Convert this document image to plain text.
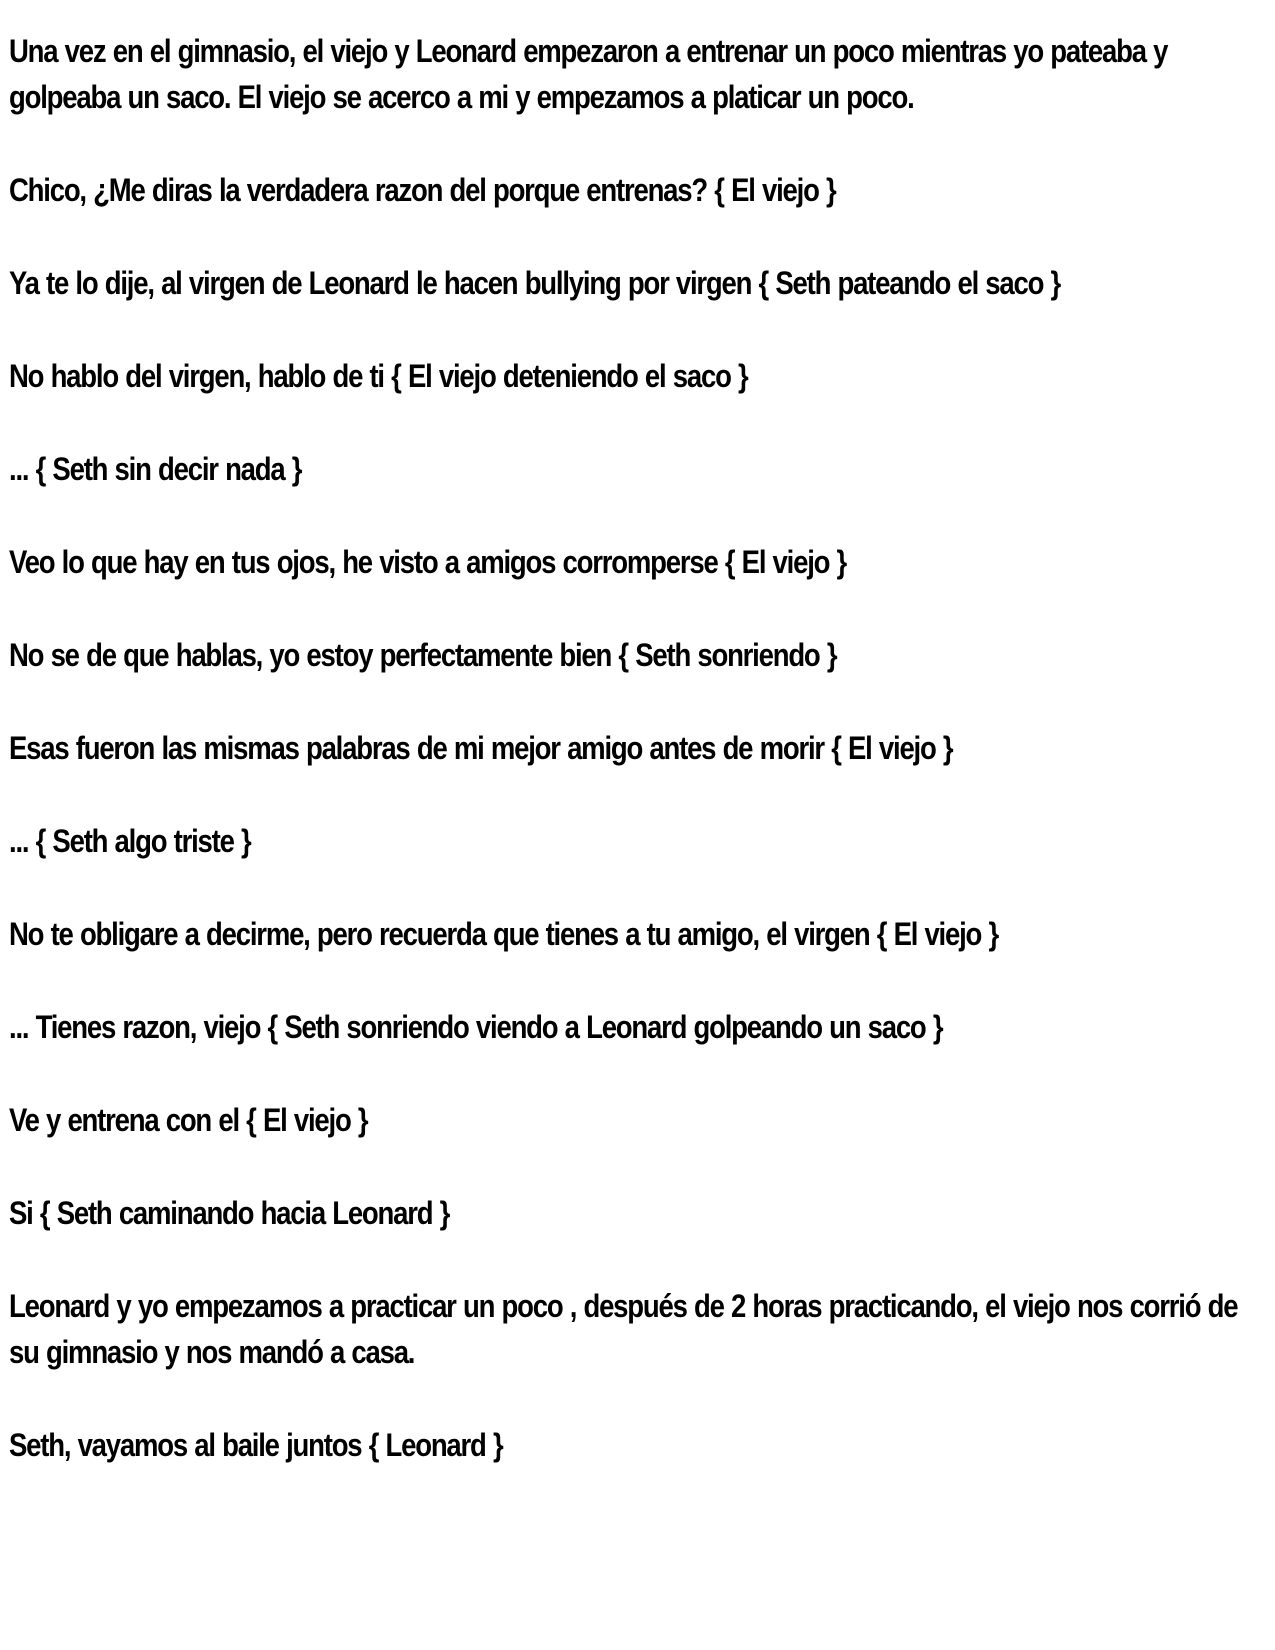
Una vez en el gimnasio, el viejo y Leonard empezaron a entrenar un poco mientras yo pateaba y golpeaba un saco. El viejo se acerco a mi y empezamos a platicar un poco.

Chico, ¿Me diras la verdadera razon del porque entrenas? { El viejo }

Ya te lo dije, al virgen de Leonard le hacen bullying por virgen { Seth pateando el saco }

No hablo del virgen, hablo de ti { El viejo deteniendo el saco }

... { Seth sin decir nada }

Veo lo que hay en tus ojos, he visto a amigos corromperse { El viejo }

No se de que hablas, yo estoy perfectamente bien { Seth sonriendo }

Esas fueron las mismas palabras de mi mejor amigo antes de morir { El viejo }

... { Seth algo triste }

No te obligare a decirme, pero recuerda que tienes a tu amigo, el virgen { El viejo }

... Tienes razon, viejo { Seth sonriendo viendo a Leonard golpeando un saco }

Ve y entrena con el { El viejo }

Si { Seth caminando hacia Leonard }

Leonard y yo empezamos a practicar un poco , después de 2 horas practicando, el viejo nos corrió de su gimnasio y nos mandó a casa.

Seth, vayamos al baile juntos { Leonard }
